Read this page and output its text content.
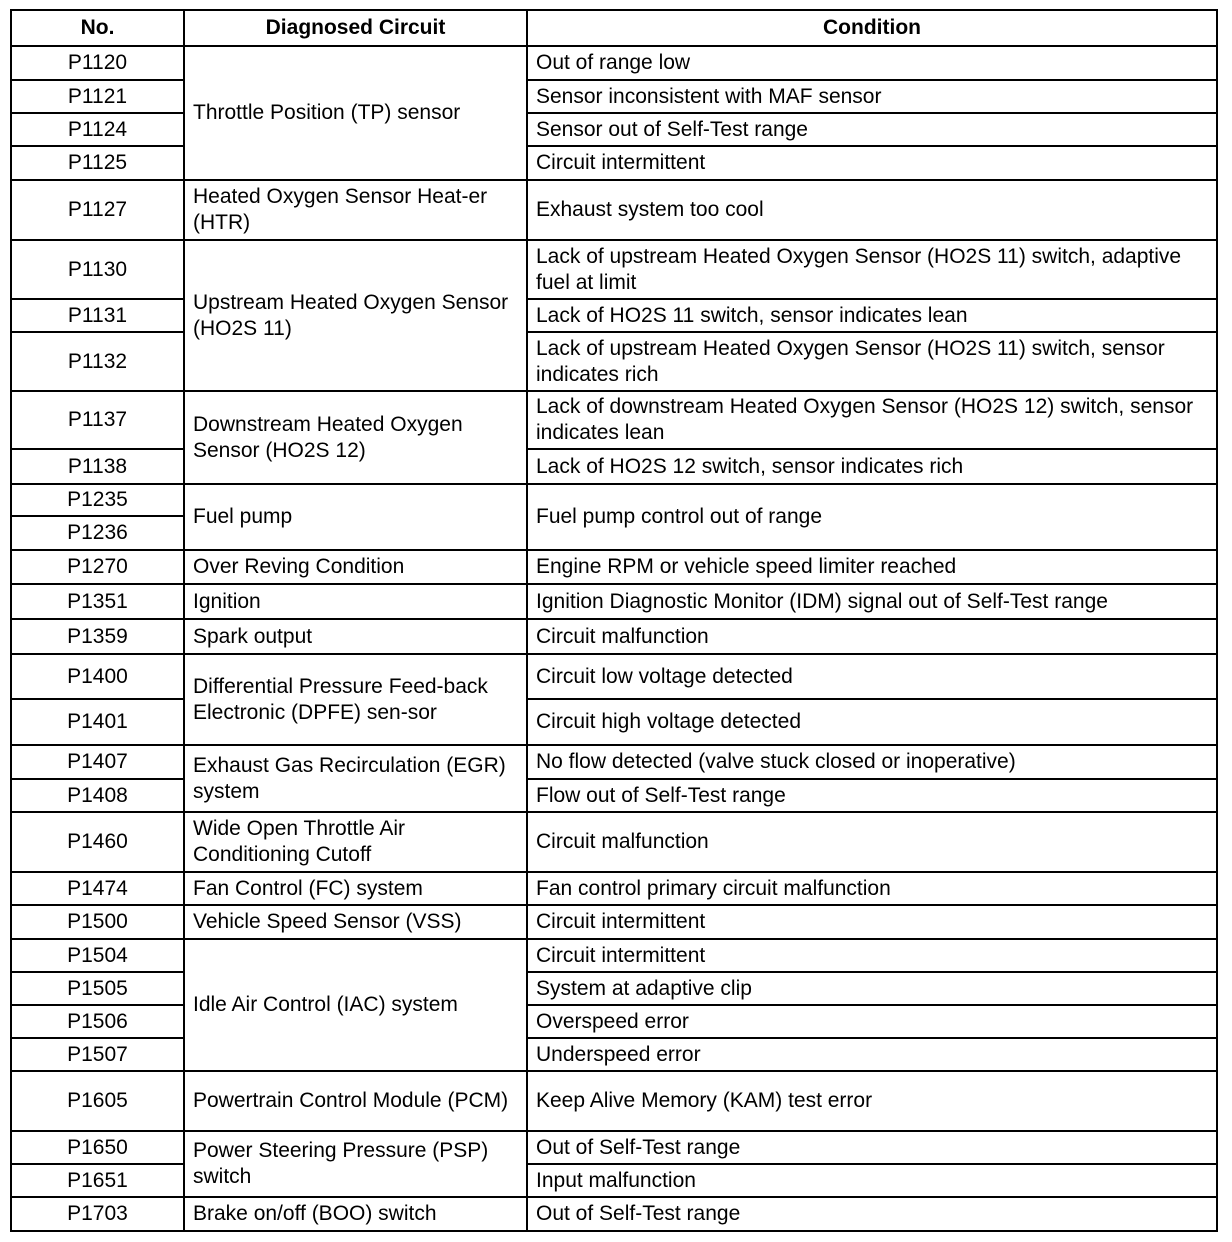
No.	Diagnosed Circuit	Condition
P1120	Throttle Position (TP) sensor	Out of range low
P1121		Sensor inconsistent with MAF sensor
P1124		Sensor out of Self-Test range
P1125		Circuit intermittent
P1127	Heated Oxygen Sensor Heat-er (HTR)	Exhaust system too cool
P1130	Upstream Heated Oxygen Sensor (HO2S 11)	Lack of upstream Heated Oxygen Sensor (HO2S 11) switch, adaptive fuel at limit
P1131		Lack of HO2S 11 switch, sensor indicates lean
P1132		Lack of upstream Heated Oxygen Sensor (HO2S 11) switch, sensor indicates rich
P1137	Downstream Heated Oxygen Sensor (HO2S 12)	Lack of downstream Heated Oxygen Sensor (HO2S 12) switch, sensor indicates lean
P1138		Lack of HO2S 12 switch, sensor indicates rich
P1235	Fuel pump	Fuel pump control out of range
P1236		
P1270	Over Reving Condition	Engine RPM or vehicle speed limiter reached
P1351	Ignition	Ignition Diagnostic Monitor (IDM) signal out of Self-Test range
P1359	Spark output	Circuit malfunction
P1400	Differential Pressure Feed-back Electronic (DPFE) sen-sor	Circuit low voltage detected
P1401		Circuit high voltage detected
P1407	Exhaust Gas Recirculation (EGR) system	No flow detected (valve stuck closed or inoperative)
P1408		Flow out of Self-Test range
P1460	Wide Open Throttle Air Conditioning Cutoff	Circuit malfunction
P1474	Fan Control (FC) system	Fan control primary circuit malfunction
P1500	Vehicle Speed Sensor (VSS)	Circuit intermittent
P1504	Idle Air Control (IAC) system	Circuit intermittent
P1505		System at adaptive clip
P1506		Overspeed error
P1507		Underspeed error
P1605	Powertrain Control Module (PCM)	Keep Alive Memory (KAM) test error
P1650	Power Steering Pressure (PSP) switch	Out of Self-Test range
P1651		Input malfunction
P1703	Brake on/off (BOO) switch	Out of Self-Test range
